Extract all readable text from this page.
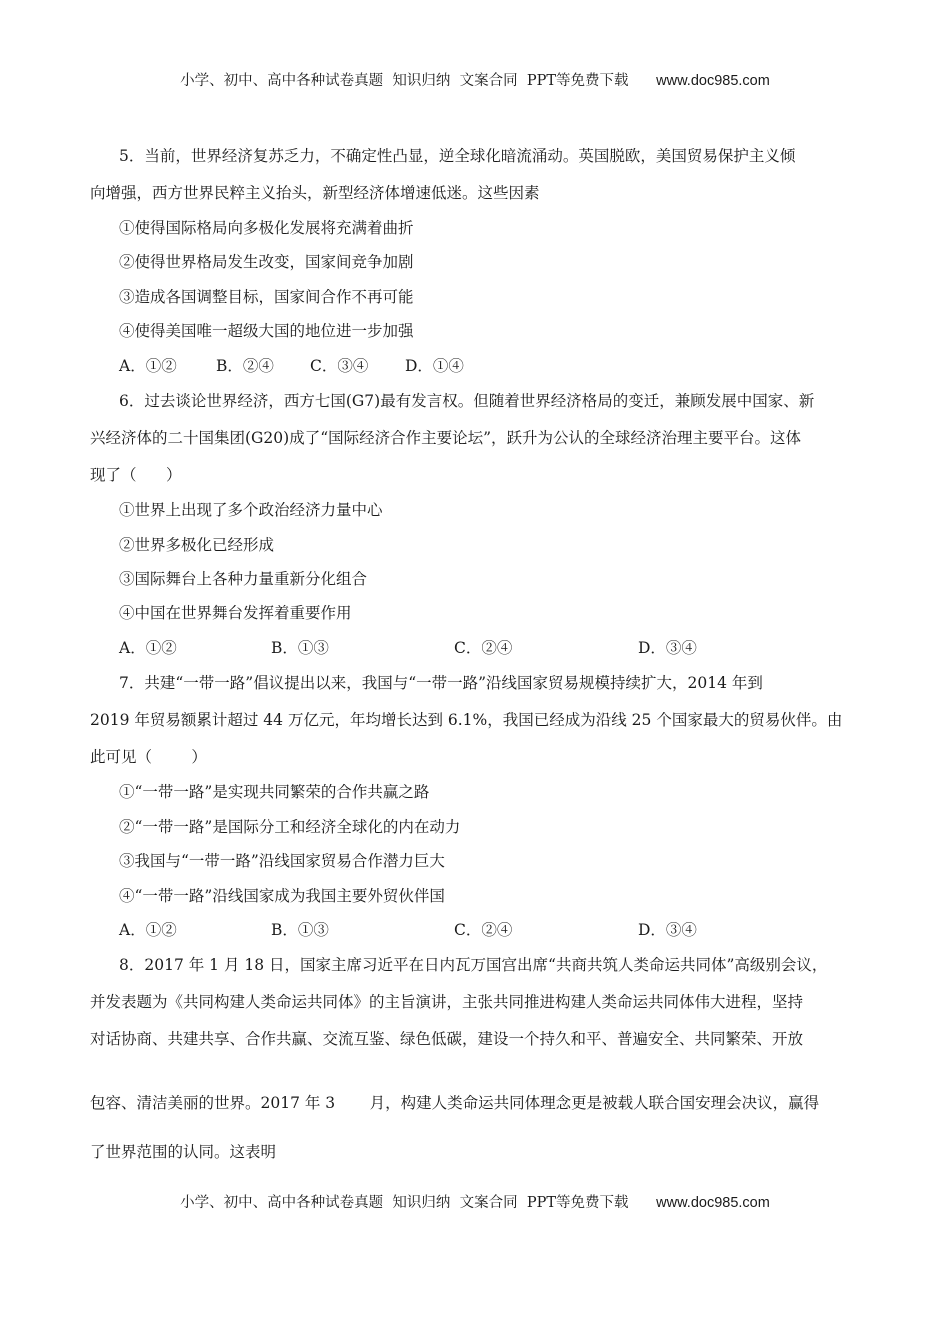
小学、初中、高中各种试卷真题  知识归纳  文案合同  PPT等免费下载 www.doc985.com
5．当前，世界经济复苏乏力，不确定性凸显，逆全球化暗流涌动。英国脱欧，美国贸易保护主义倾
向增强，西方世界民粹主义抬头，新型经济体增速低迷。这些因素
①使得国际格局向多极化发展将充满着曲折
②使得世界格局发生改变，国家间竞争加剧
③造成各国调整目标，国家间合作不再可能
④使得美国唯一超级大国的地位进一步加强

A．①②

	B．②④

C．③④

D．①④

6．过去谈论世界经济，西方七国(G7)最有发言权。但随着世界经济格局的变迁，兼顾发展中国家、新
兴经济体的二十国集团(G20)成了“国际经济合作主要论坛”，跃升为公认的全球经济治理主要平台。这体
现了（      ）
①世界上出现了多个政治经济力量中心
②世界多极化已经形成
③国际舞台上各种力量重新分化组合
④中国在世界舞台发挥着重要作用

A．①②

	B．①③

	C．②④

	D．③④

7．共建“一带一路”倡议提出以来，我国与“一带一路”沿线国家贸易规模持续扩大，2014 年到
2019 年贸易额累计超过 44 万亿元，年均增长达到 6.1%，我国已经成为沿线 25 个国家最大的贸易伙伴。由
此可见（        ）
①“一带一路”是实现共同繁荣的合作共赢之路
②“一带一路”是国际分工和经济全球化的内在动力
③我国与“一带一路”沿线国家贸易合作潜力巨大
④“一带一路”沿线国家成为我国主要外贸伙伴国

A．①②

	B．①③

	C．②④

	D．③④

8．2017 年 1 月 18 日，国家主席习近平在日内瓦万国宫出席“共商共筑人类命运共同体”高级别会议，
并发表题为《共同构建人类命运共同体》的主旨演讲，主张共同推进构建人类命运共同体伟大进程，坚持
对话协商、共建共享、合作共赢、交流互鉴、绿色低碳，建设一个持久和平、普遍安全、共同繁荣、开放
包容、清洁美丽的世界。2017 年 3       月，构建人类命运共同体理念更是被载人联合国安理会决议，赢得
了世界范围的认同。这表明
小学、初中、高中各种试卷真题  知识归纳  文案合同  PPT等免费下载 www.doc985.com
